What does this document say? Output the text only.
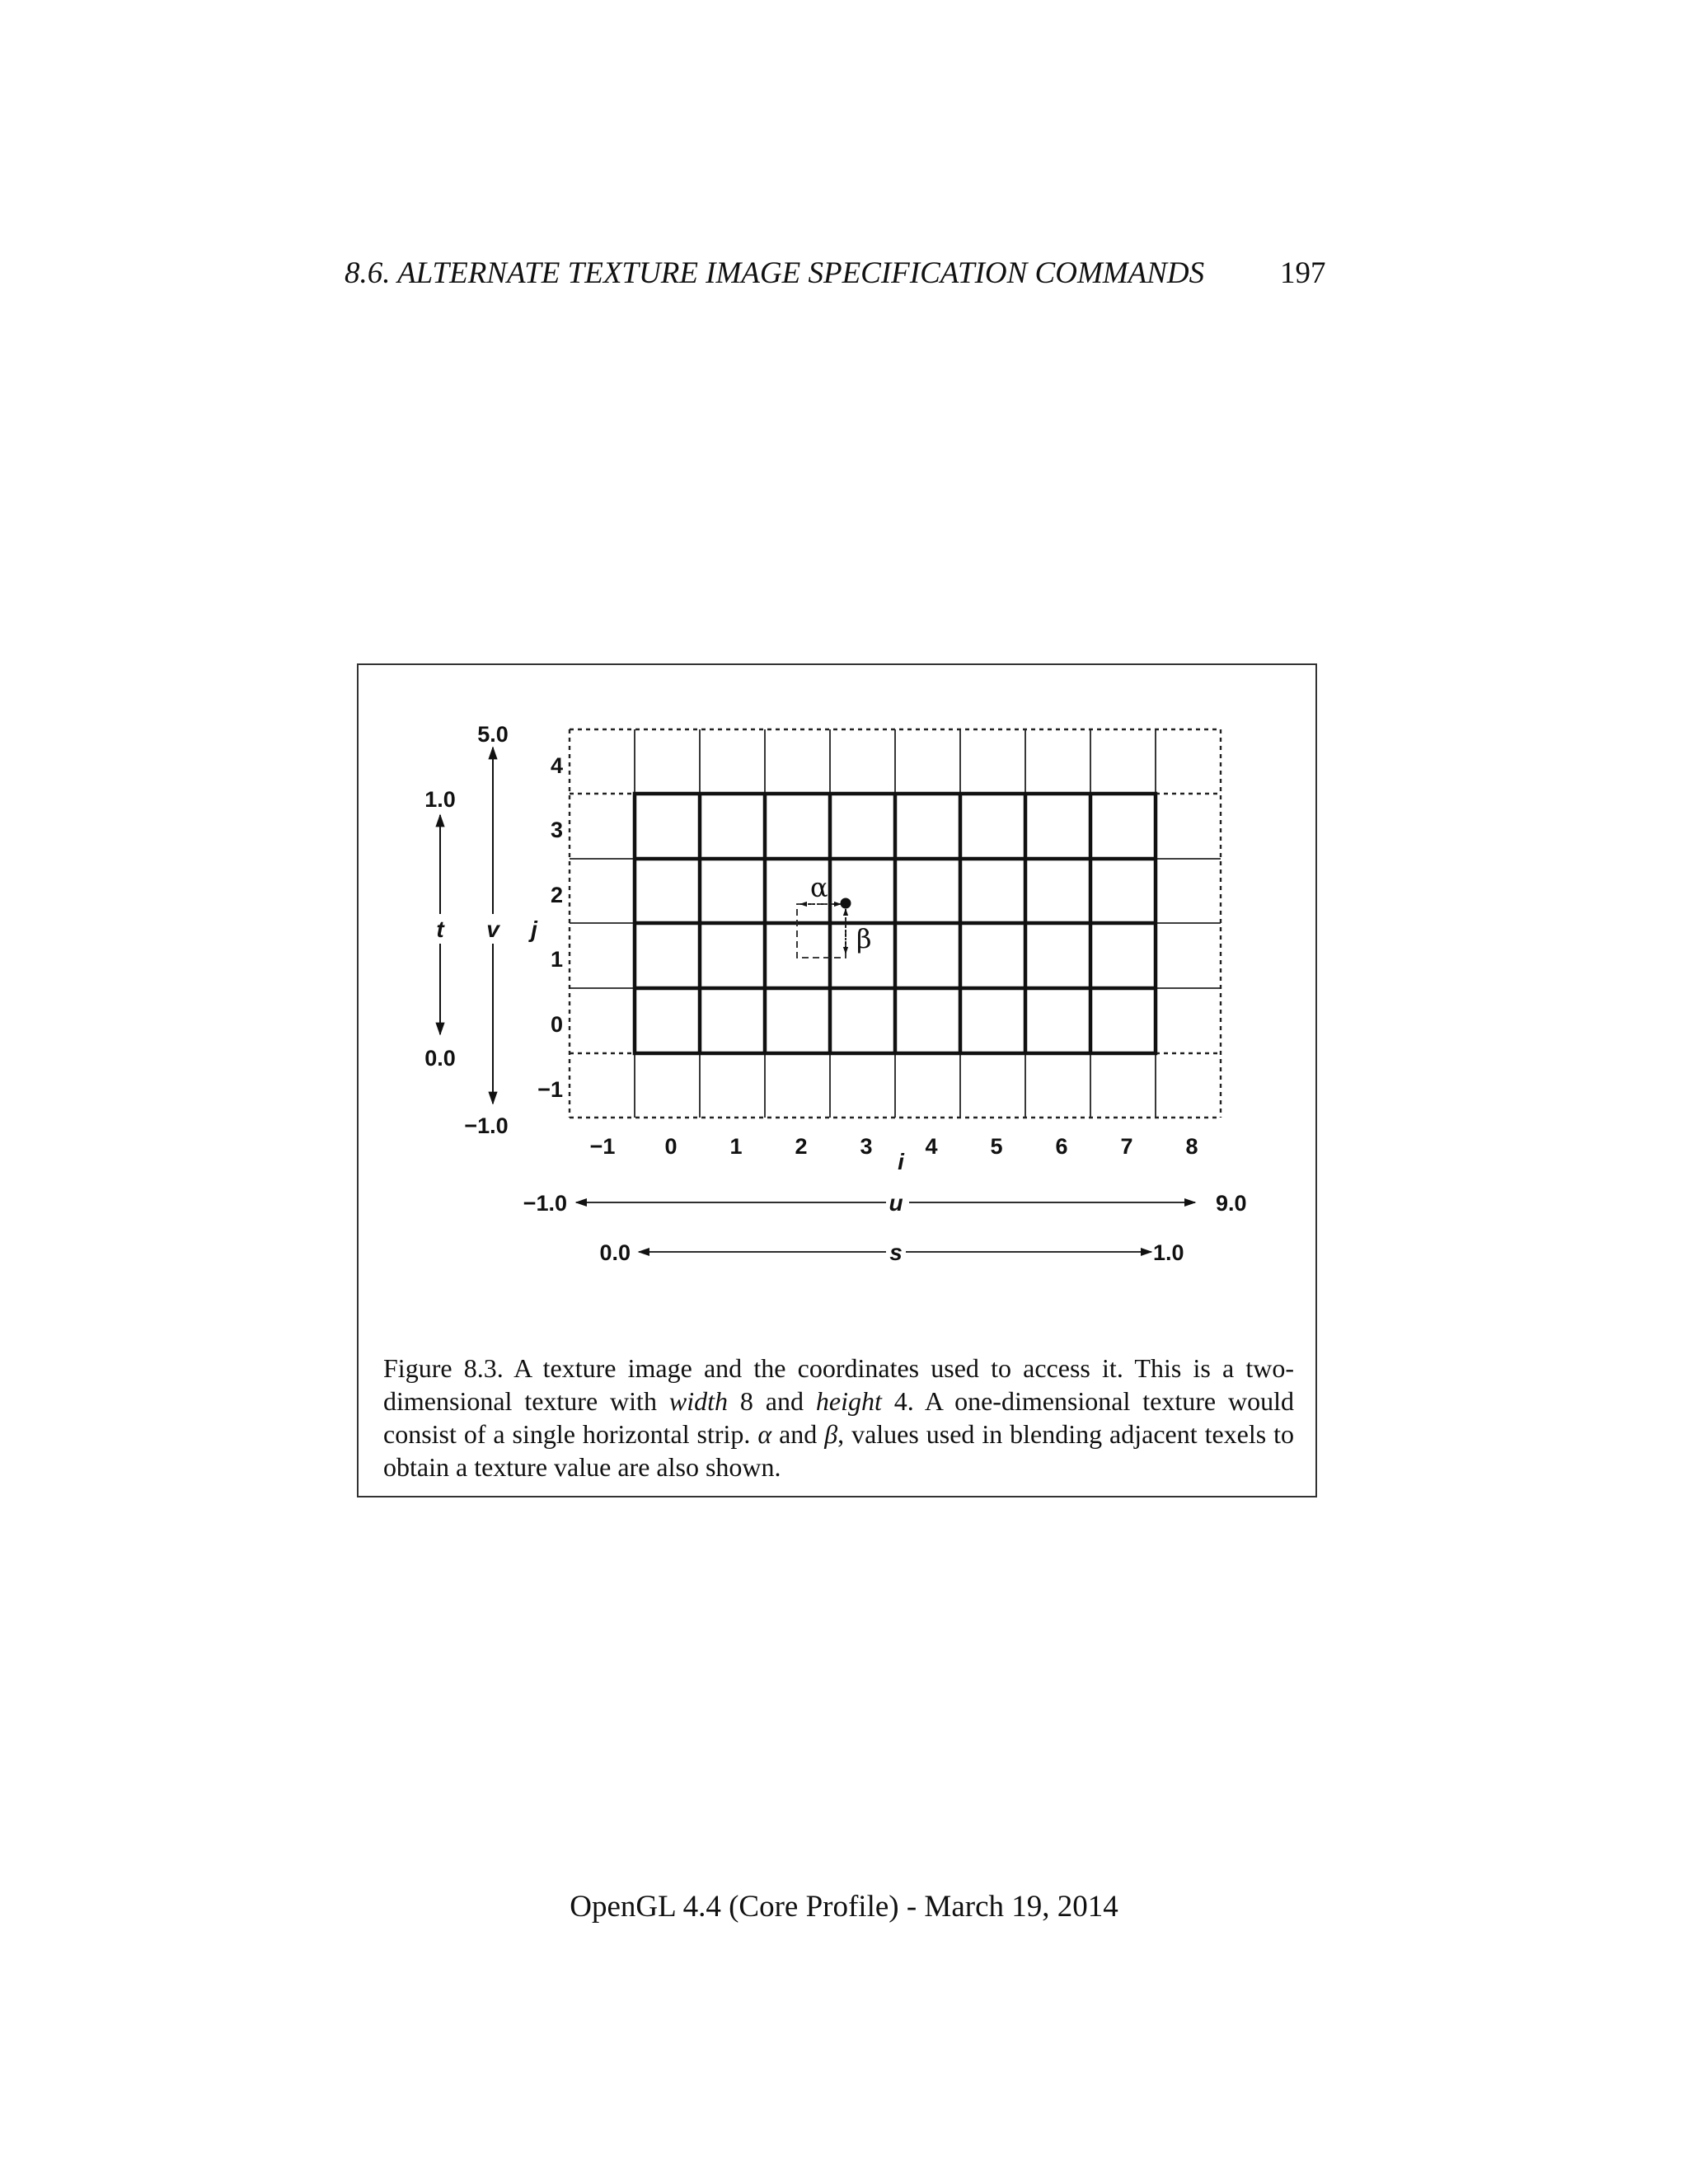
8.6. ALTERNATE TEXTURE IMAGE SPECIFICATION COMMANDS 197
α
β
4
3
2
1
0
−1
j
−1 0 1 2 3 4 5 6 7 8
i
1.0
t
0.0
5.0
v
−1.0
−1.0	u	9.0
0.0	s	1.0
Figure 8.3. A texture image and the coordinates used to access it. This is a two-dimensional texture with width 8 and height 4. A one-dimensional texture would consist of a single horizontal strip. α and β, values used in blending adjacent texels to obtain a texture value are also shown.
OpenGL 4.4 (Core Profile) - March 19, 2014
